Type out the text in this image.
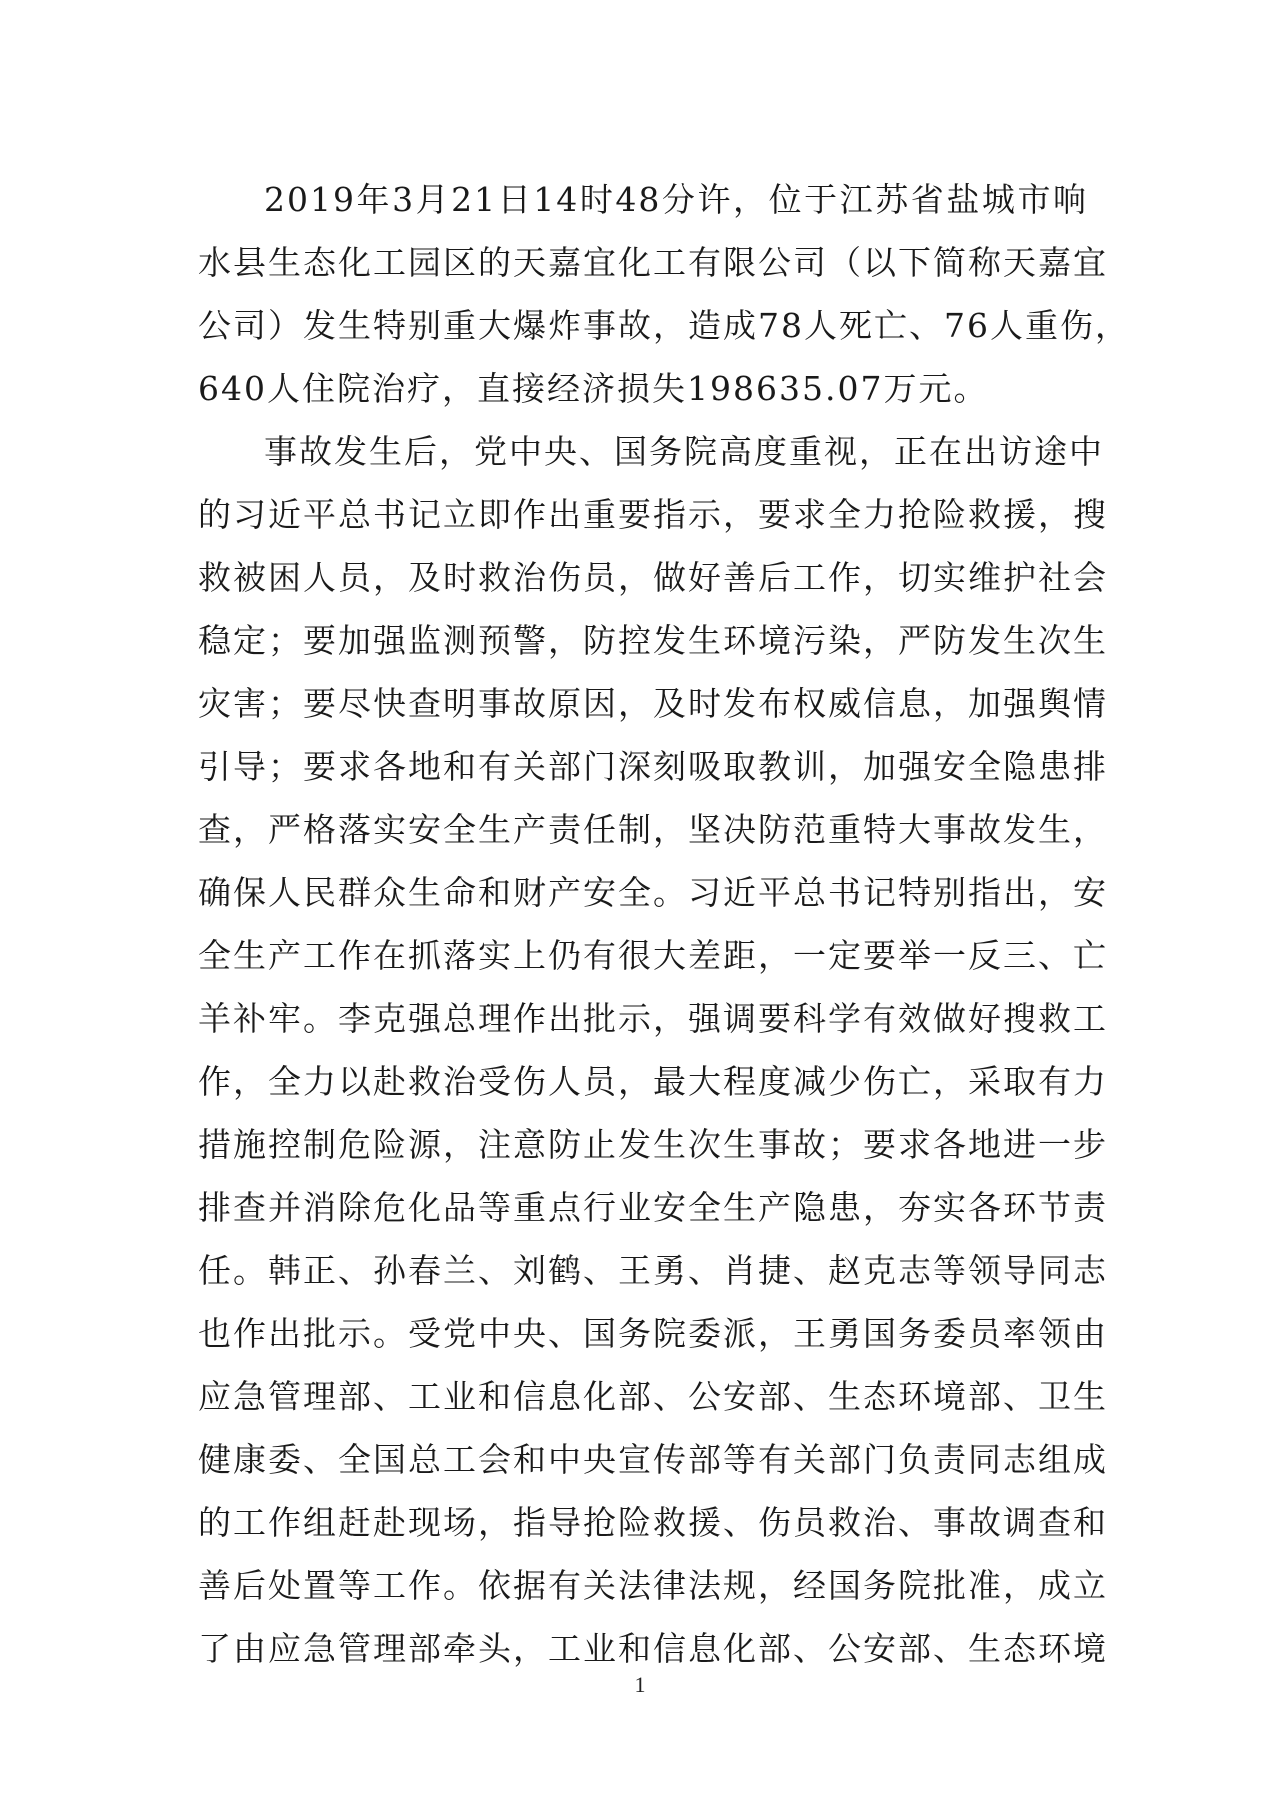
2019年3月21日14时48分许，位于江苏省盐城市响
水县生态化工园区的天嘉宜化工有限公司（以下简称天嘉宜
公司）发生特别重大爆炸事故，造成78人死亡、76人重伤，
640人住院治疗，直接经济损失198635.07万元。
事故发生后，党中央、国务院高度重视，正在出访途中
的习近平总书记立即作出重要指示，要求全力抢险救援，搜
救被困人员，及时救治伤员，做好善后工作，切实维护社会
稳定；要加强监测预警，防控发生环境污染，严防发生次生
灾害；要尽快查明事故原因，及时发布权威信息，加强舆情
引导；要求各地和有关部门深刻吸取教训，加强安全隐患排
查，严格落实安全生产责任制，坚决防范重特大事故发生，
确保人民群众生命和财产安全。习近平总书记特别指出，安
全生产工作在抓落实上仍有很大差距，一定要举一反三、亡
羊补牢。李克强总理作出批示，强调要科学有效做好搜救工
作，全力以赴救治受伤人员，最大程度减少伤亡，采取有力
措施控制危险源，注意防止发生次生事故；要求各地进一步
排查并消除危化品等重点行业安全生产隐患，夯实各环节责
任。韩正、孙春兰、刘鹤、王勇、肖捷、赵克志等领导同志
也作出批示。受党中央、国务院委派，王勇国务委员率领由
应急管理部、工业和信息化部、公安部、生态环境部、卫生
健康委、全国总工会和中央宣传部等有关部门负责同志组成
的工作组赶赴现场，指导抢险救援、伤员救治、事故调查和
善后处置等工作。依据有关法律法规，经国务院批准，成立
了由应急管理部牵头，工业和信息化部、公安部、生态环境
1
